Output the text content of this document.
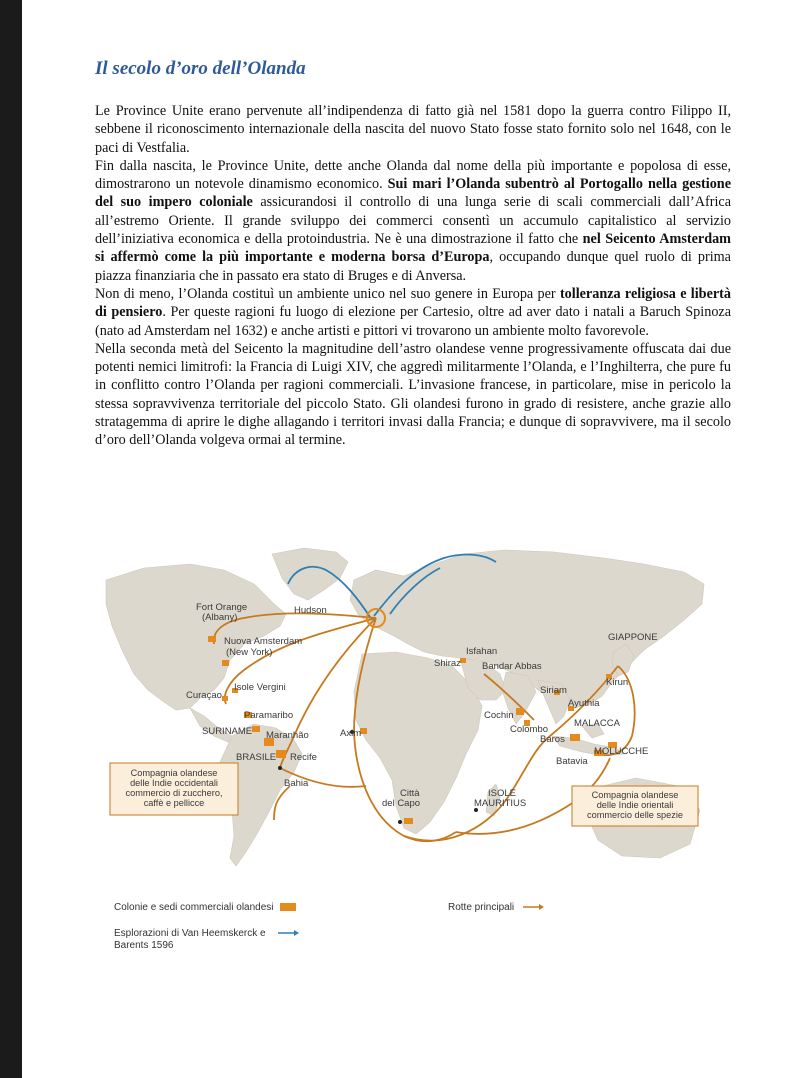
Il secolo d’oro dell’Olanda

Le Province Unite erano pervenute all’indipendenza di fatto già nel 1581 dopo la guerra contro Filippo II, sebbene il riconoscimento internazionale della nascita del nuovo Stato fosse stato fornito solo nel 1648, con le paci di Vestfalia.

Fin dalla nascita, le Province Unite, dette anche Olanda dal nome della più importante e popolosa di esse, dimostrarono un notevole dinamismo economico. Sui mari l’Olanda subentrò al Portogallo nella gestione del suo impero coloniale assicurandosi il controllo di una lunga serie di scali commerciali dall’Africa all’estremo Oriente. Il grande sviluppo dei commerci consentì un accumulo capitalistico al servizio dell’iniziativa economica e della protoindustria. Ne è una dimostrazione il fatto che nel Seicento Amsterdam si affermò come la più importante e moderna borsa d’Europa, occupando dunque quel ruolo di prima piazza finanziaria che in passato era stato di Bruges e di Anversa.

Non di meno, l’Olanda costituì un ambiente unico nel suo genere in Europa per tolleranza religiosa e libertà di pensiero. Per queste ragioni fu luogo di elezione per Cartesio, oltre ad aver dato i natali a Baruch Spinoza (nato ad Amsterdam nel 1632) e anche artisti e pittori vi trovarono un ambiente molto favorevole.

Nella seconda metà del Seicento la magnitudine dell’astro olandese venne progressivamente offuscata dai due potenti nemici limitrofi: la Francia di Luigi XIV, che aggredì militarmente l’Olanda, e l’Inghilterra, che pure fu in conflitto contro l’Olanda per ragioni commerciali. L’invasione francese, in particolare, mise in pericolo la stessa sopravvivenza territoriale del piccolo Stato. Gli olandesi furono in grado di resistere, anche grazie allo stratagemma di aprire le dighe allagando i territori invasi dalla Francia; e dunque di sopravvivere, ma il secolo d’oro dell’Olanda volgeva ormai al termine.

Fort Orange
(Albany)
Hudson
Nuova Amsterdam
(New York)
Isole Vergini
Curaçao
Paramaribo
SURINAME Maranhão	Axim
BRASILE Recife
Bahia
Città
del Capo
ISOLE
MAURITIUS
Isfahan
Shiraz Bandar Abbas
Cochin
Colombo
Baros
Siriam
Ayuthia
Kirun
GIAPPONE
MALACCA
MOLUCCHE
Batavia
Compagnia olandese
delle Indie occidentali
commercio di zucchero,
caffè e pellicce
Compagnia olandese
delle Indie orientali
commercio delle spezie
Colonie e sedi commerciali olandesi	Rotte principali
Esplorazioni di Van Heemskerck e
Barents 1596
